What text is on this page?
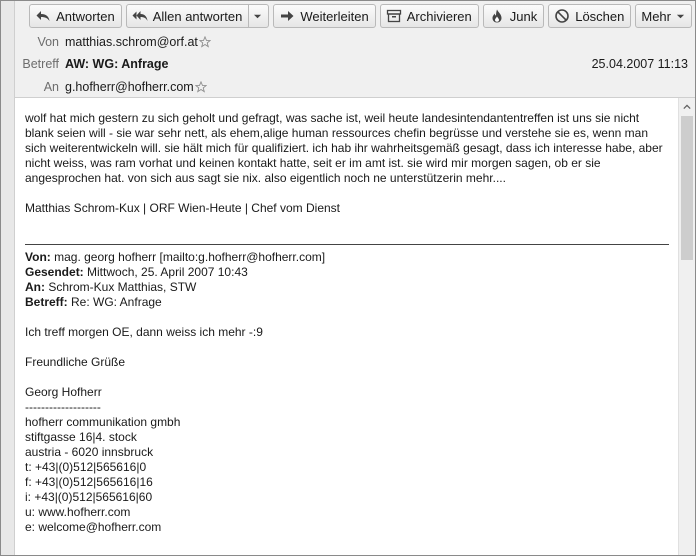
Antworten	Allen antworten	Weiterleiten	Archivieren	Junk	Löschen Mehr
Von matthias.schrom@orf.at
Betreff AW: WG: Anfrage	25.04.2007 11:13
An g.hofherr@hofherr.com

wolf hat mich gestern zu sich geholt und gefragt, was sache ist, weil heute landesintendantentreffen ist uns sie nicht blank seien will - sie war sehr nett, als ehem,alige human ressources chefin begrüsse und verstehe sie es, wenn man sich weiterentwickeln will. sie hält mich für qualifiziert. ich hab ihr wahrheitsgemäß gesagt, dass ich interesse habe, aber nicht weiss, was ram vorhat und keinen kontakt hatte, seit er im amt ist. sie wird mir morgen sagen, ob er sie angesprochen hat. von sich aus sagt sie nix. also eigentlich noch ne unterstützerin mehr....

Matthias Schrom-Kux | ORF Wien-Heute | Chef vom Dienst

Von: mag. georg hofherr [mailto:g.hofherr@hofherr.com]
Gesendet: Mittwoch, 25. April 2007 10:43
An: Schrom-Kux Matthias, STW
Betreff: Re: WG: Anfrage
Ich treff morgen OE, dann weiss ich mehr -:9
Freundliche Grüße
Georg Hofherr
-------------------
hofherr communikation gmbh
stiftgasse 16|4. stock
austria - 6020 innsbruck
t: +43|(0)512|565616|0
f: +43|(0)512|565616|16
i: +43|(0)512|565616|60
u: www.hofherr.com
e: welcome@hofherr.com
